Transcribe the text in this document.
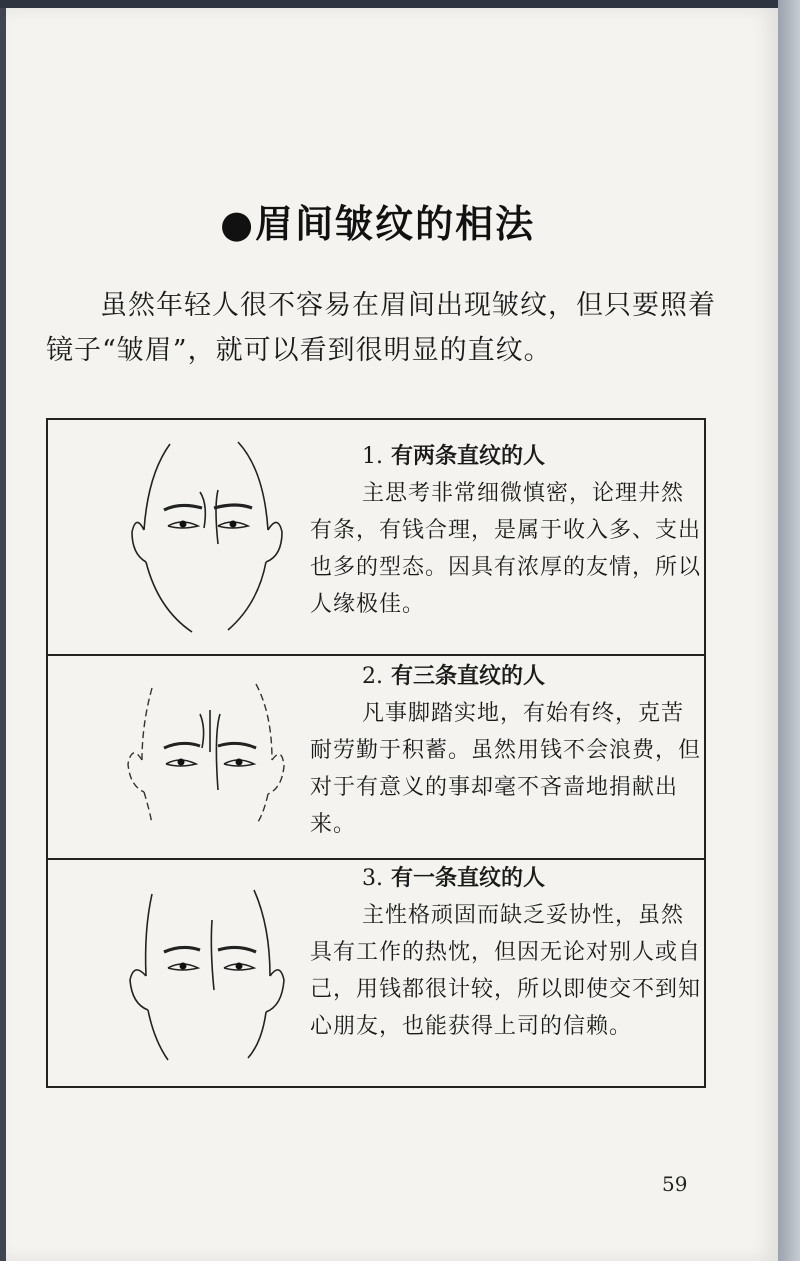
●眉间皱纹的相法
虽然年轻人很不容易在眉间出现皱纹，但只要照着镜子“皱眉”，就可以看到很明显的直纹。
1. 有两条直纹的人
主思考非常细微慎密，论理井然有条，有钱合理，是属于收入多、支出也多的型态。因具有浓厚的友情，所以人缘极佳。
2. 有三条直纹的人
凡事脚踏实地，有始有终，克苦耐劳勤于积蓄。虽然用钱不会浪费，但对于有意义的事却毫不吝啬地捐献出来。
3. 有一条直纹的人
主性格顽固而缺乏妥协性，虽然具有工作的热忱，但因无论对别人或自己，用钱都很计较，所以即使交不到知心朋友，也能获得上司的信赖。
59
